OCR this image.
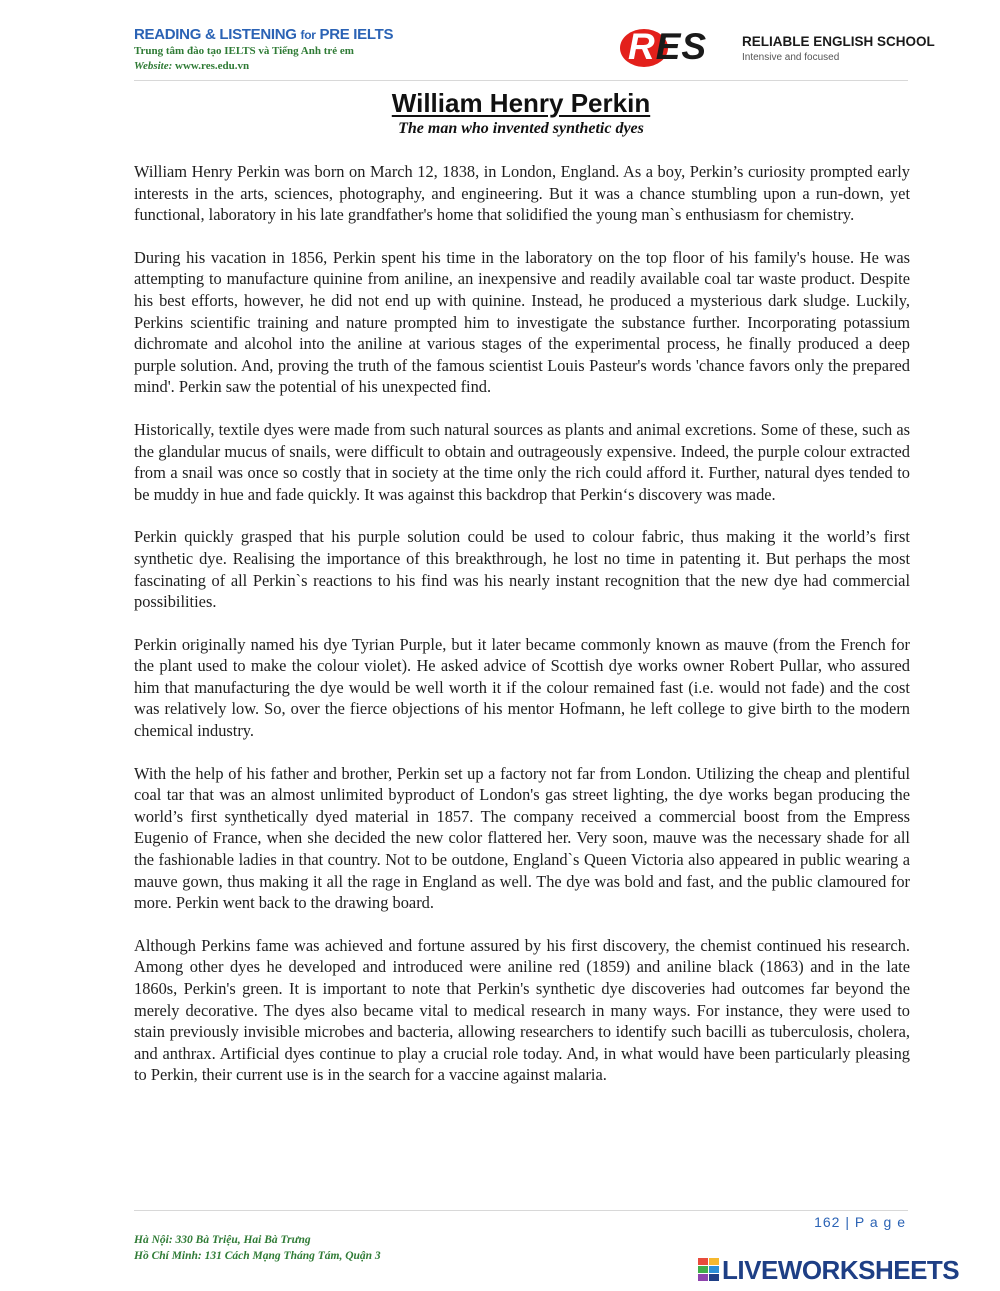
READING & LISTENING for PRE IELTS
Trung tâm đào tạo IELTS và Tiếng Anh trẻ em
Website: www.res.edu.vn	RES	RELIABLE ENGLISH SCHOOL
Intensive and focused
William Henry Perkin
The man who invented synthetic dyes

William Henry Perkin was born on March 12, 1838, in London, England. As a boy, Perkin’s curiosity prompted early interests in the arts, sciences, photography, and engineering. But it was a chance stumbling upon a run-down, yet functional, laboratory in his late grandfather's home that solidified the young man`s enthusiasm for chemistry.

During his vacation in 1856, Perkin spent his time in the laboratory on the top floor of his family's house. He was attempting to manufacture quinine from aniline, an inexpensive and readily available coal tar waste product. Despite his best efforts, however, he did not end up with quinine. Instead, he produced a mysterious dark sludge. Luckily, Perkins scientific training and nature prompted him to investigate the substance further. Incorporating potassium dichromate and alcohol into the aniline at various stages of the experimental process, he finally produced a deep purple solution. And, proving the truth of the famous scientist Louis Pasteur's words 'chance favors only the prepared mind'. Perkin saw the potential of his unexpected find.

Historically, textile dyes were made from such natural sources as plants and animal excretions. Some of these, such as the glandular mucus of snails, were difficult to obtain and outrageously expensive. Indeed, the purple colour extracted from a snail was once so costly that in society at the time only the rich could afford it. Further, natural dyes tended to be muddy in hue and fade quickly. It was against this backdrop that Perkin‘s discovery was made.

Perkin quickly grasped that his purple solution could be used to colour fabric, thus making it the world’s first synthetic dye. Realising the importance of this breakthrough, he lost no time in patenting it. But perhaps the most fascinating of all Perkin`s reactions to his find was his nearly instant recognition that the new dye had commercial possibilities.

Perkin originally named his dye Tyrian Purple, but it later became commonly known as mauve (from the French for the plant used to make the colour violet). He asked advice of Scottish dye works owner Robert Pullar, who assured him that manufacturing the dye would be well worth it if the colour remained fast (i.e. would not fade) and the cost was relatively low. So, over the fierce objections of his mentor Hofmann, he left college to give birth to the modern chemical industry.

With the help of his father and brother, Perkin set up a factory not far from London. Utilizing the cheap and plentiful coal tar that was an almost unlimited byproduct of London's gas street lighting, the dye works began producing the world’s first synthetically dyed material in 1857. The company received a commercial boost from the Empress Eugenio of France, when she decided the new color flattered her. Very soon, mauve was the necessary shade for all the fashionable ladies in that country. Not to be outdone, England`s Queen Victoria also appeared in public wearing a mauve gown, thus making it all the rage in England as well. The dye was bold and fast, and the public clamoured for more. Perkin went back to the drawing board.

Although Perkins fame was achieved and fortune assured by his first discovery, the chemist continued his research. Among other dyes he developed and introduced were aniline red (1859) and aniline black (1863) and in the late 1860s, Perkin's green. It is important to note that Perkin's synthetic dye discoveries had outcomes far beyond the merely decorative. The dyes also became vital to medical research in many ways. For instance, they were used to stain previously invisible microbes and bacteria, allowing researchers to identify such bacilli as tuberculosis, cholera, and anthrax. Artificial dyes continue to play a crucial role today. And, in what would have been particularly pleasing to Perkin, their current use is in the search for a vaccine against malaria.

162 | P a g e
Hà Nội: 330 Bà Triệu, Hai Bà Trưng
Hồ Chí Minh: 131 Cách Mạng Tháng Tám, Quận 3	LIVEWORKSHEETS
